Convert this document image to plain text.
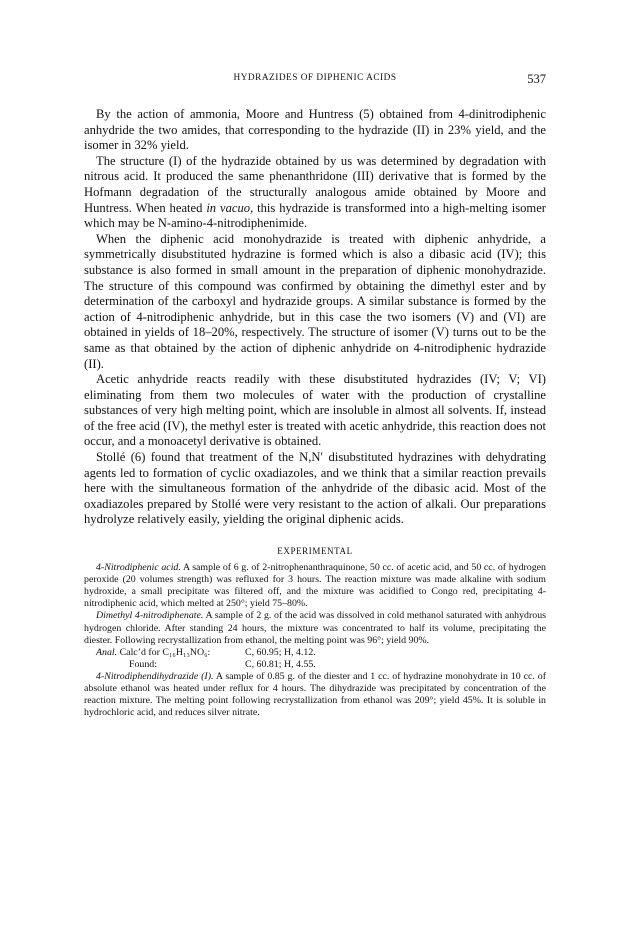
HYDRAZIDES OF DIPHENIC ACIDS	537

By the action of ammonia, Moore and Huntress (5) obtained from 4-dinitrodiphenic anhydride the two amides, that corresponding to the hydrazide (II) in 23% yield, and the isomer in 32% yield.

The structure (I) of the hydrazide obtained by us was determined by degradation with nitrous acid. It produced the same phenanthridone (III) derivative that is formed by the Hofmann degradation of the structurally analogous amide obtained by Moore and Huntress. When heated in vacuo, this hydrazide is transformed into a high-melting isomer which may be N-amino-4-nitrodiphenimide.

When the diphenic acid monohydrazide is treated with diphenic anhydride, a symmetrically disubstituted hydrazine is formed which is also a dibasic acid (IV); this substance is also formed in small amount in the preparation of diphenic monohydrazide. The structure of this compound was confirmed by obtaining the dimethyl ester and by determination of the carboxyl and hydrazide groups. A similar substance is formed by the action of 4-nitrodiphenic anhydride, but in this case the two isomers (V) and (VI) are obtained in yields of 18–20%, respectively. The structure of isomer (V) turns out to be the same as that obtained by the action of diphenic anhydride on 4-nitrodiphenic hydrazide (II).

Acetic anhydride reacts readily with these disubstituted hydrazides (IV; V; VI) eliminating from them two molecules of water with the production of crystalline substances of very high melting point, which are insoluble in almost all solvents. If, instead of the free acid (IV), the methyl ester is treated with acetic anhydride, this reaction does not occur, and a monoacetyl derivative is obtained.

Stollé (6) found that treatment of the N,N′ disubstituted hydrazines with dehydrating agents led to formation of cyclic oxadiazoles, and we think that a similar reaction prevails here with the simultaneous formation of the anhydride of the dibasic acid. Most of the oxadiazoles prepared by Stollé were very resistant to the action of alkali. Our preparations hydrolyze relatively easily, yielding the original diphenic acids.

EXPERIMENTAL

4-Nitrodiphenic acid. A sample of 6 g. of 2-nitrophenanthraquinone, 50 cc. of acetic acid, and 50 cc. of hydrogen peroxide (20 volumes strength) was refluxed for 3 hours. The reaction mixture was made alkaline with sodium hydroxide, a small precipitate was filtered off, and the mixture was acidified to Congo red, precipitating 4-nitrodiphenic acid, which melted at 250°; yield 75–80%.

Dimethyl 4-nitrodiphenate. A sample of 2 g. of the acid was dissolved in cold methanol saturated with anhydrous hydrogen chloride. After standing 24 hours, the mixture was concentrated to half its volume, precipitating the diester. Following recrystallization from ethanol, the melting point was 96°; yield 90%.

Anal. Calc’d for C₁₆H₁₃NO₆:	C, 60.95; H, 4.12.
Found:	C, 60.81; H, 4.55.

4-Nitrodiphendihydrazide (I). A sample of 0.85 g. of the diester and 1 cc. of hydrazine monohydrate in 10 cc. of absolute ethanol was heated under reflux for 4 hours. The dihydrazide was precipitated by concentration of the reaction mixture. The melting point following recrystallization from ethanol was 209°; yield 45%. It is soluble in hydrochloric acid, and reduces silver nitrate.
